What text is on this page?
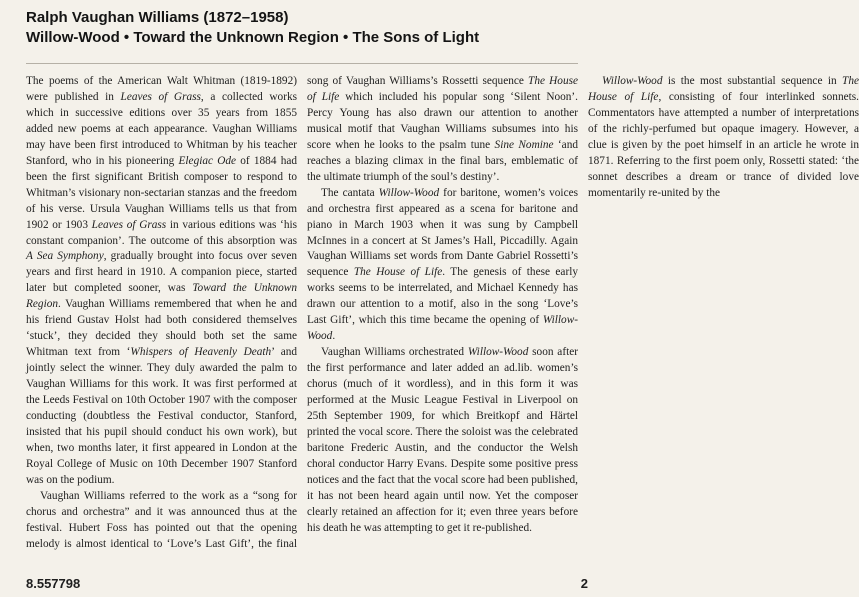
Ralph Vaughan Williams (1872–1958)
Willow-Wood • Toward the Unknown Region • The Sons of Light

The poems of the American Walt Whitman (1819-1892) were published in Leaves of Grass, a collected works which in successive editions over 35 years from 1855 added new poems at each appearance. Vaughan Williams may have been first introduced to Whitman by his teacher Stanford, who in his pioneering Elegiac Ode of 1884 had been the first significant British composer to respond to Whitman’s visionary non-sectarian stanzas and the freedom of his verse. Ursula Vaughan Williams tells us that from 1902 or 1903 Leaves of Grass in various editions was ‘his constant companion’. The outcome of this absorption was A Sea Symphony, gradually brought into focus over seven years and first heard in 1910. A companion piece, started later but completed sooner, was Toward the Unknown Region. Vaughan Williams remembered that when he and his friend Gustav Holst had both considered themselves ‘stuck’, they decided they should both set the same Whitman text from ‘Whispers of Heavenly Death’ and jointly select the winner. They duly awarded the palm to Vaughan Williams for this work. It was first performed at the Leeds Festival on 10th October 1907 with the composer conducting (doubtless the Festival conductor, Stanford, insisted that his pupil should conduct his own work), but when, two months later, it first appeared in London at the Royal College of Music on 10th December 1907 Stanford was on the podium.

Vaughan Williams referred to the work as a “song for chorus and orchestra” and it was announced thus at the festival. Hubert Foss has pointed out that the opening melody is almost identical to ‘Love’s Last Gift’, the final song of Vaughan Williams’s Rossetti sequence The House of Life which included his popular song ‘Silent Noon’. Percy Young has also drawn our attention to another musical motif that Vaughan Williams subsumes into his score when he looks to the psalm tune Sine Nomine ‘and reaches a blazing climax in the final bars, emblematic of the ultimate triumph of the soul’s destiny’.

The cantata Willow-Wood for baritone, women’s voices and orchestra first appeared as a scena for baritone and piano in March 1903 when it was sung by Campbell McInnes in a concert at St James’s Hall, Piccadilly. Again Vaughan Williams set words from Dante Gabriel Rossetti’s sequence The House of Life. The genesis of these early works seems to be interrelated, and Michael Kennedy has drawn our attention to a motif, also in the song ‘Love’s Last Gift’, which this time became the opening of Willow-Wood.

Vaughan Williams orchestrated Willow-Wood soon after the first performance and later added an ad.lib. women’s chorus (much of it wordless), and in this form it was performed at the Music League Festival in Liverpool on 25th September 1909, for which Breitkopf and Härtel printed the vocal score. There the soloist was the celebrated baritone Frederic Austin, and the conductor the Welsh choral conductor Harry Evans. Despite some positive press notices and the fact that the vocal score had been published, it has not been heard again until now. Yet the composer clearly retained an affection for it; even three years before his death he was attempting to get it re-published.

Willow-Wood is the most substantial sequence in The House of Life, consisting of four interlinked sonnets. Commentators have attempted a number of interpretations of the richly-perfumed but opaque imagery. However, a clue is given by the poet himself in an article he wrote in 1871. Referring to the first poem only, Rossetti stated: ‘the sonnet describes a dream or trance of divided love momentarily re-united by the

8.557798	2
